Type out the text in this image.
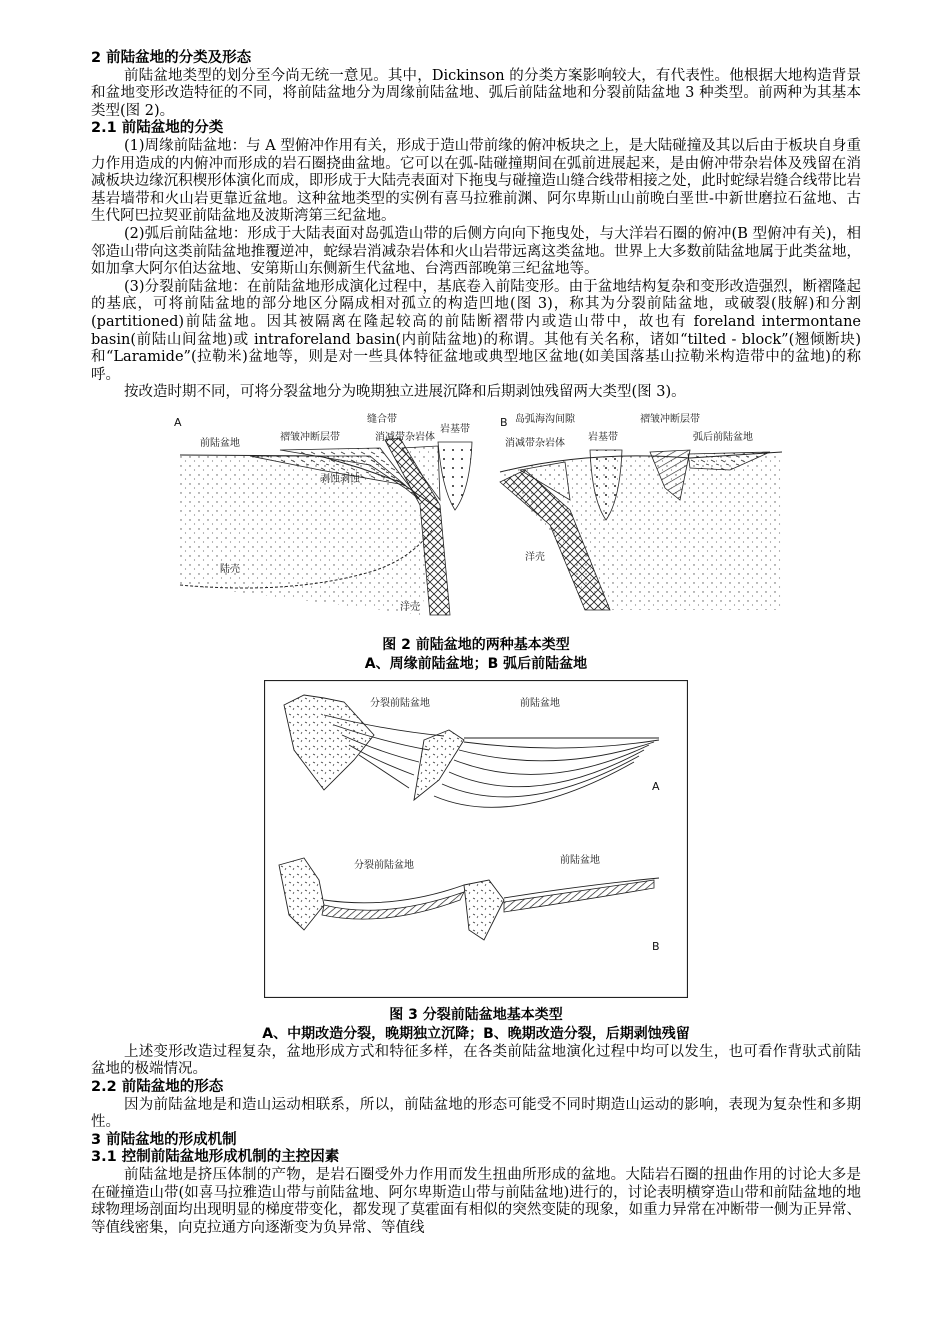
2 前陆盆地的分类及形态

前陆盆地类型的划分至今尚无统一意见。其中，Dickinson 的分类方案影响较大，有代表性。他根据大地构造背景和盆地变形改造特征的不同，将前陆盆地分为周缘前陆盆地、弧后前陆盆地和分裂前陆盆地 3 种类型。前两种为其基本类型(图 2)。

2.1 前陆盆地的分类

(1)周缘前陆盆地：与 A 型俯冲作用有关，形成于造山带前缘的俯冲板块之上，是大陆碰撞及其以后由于板块自身重力作用造成的内俯冲而形成的岩石圈挠曲盆地。它可以在弧-陆碰撞期间在弧前进展起来，是由俯冲带杂岩体及残留在消减板块边缘沉积楔形体演化而成，即形成于大陆壳表面对下拖曳与碰撞造山缝合线带相接之处，此时蛇绿岩缝合线带比岩基岩墙带和火山岩更靠近盆地。这种盆地类型的实例有喜马拉雅前渊、阿尔卑斯山山前晚白垩世-中新世磨拉石盆地、古生代阿巴拉契亚前陆盆地及波斯湾第三纪盆地。

(2)弧后前陆盆地：形成于大陆表面对岛弧造山带的后侧方向向下拖曳处，与大洋岩石圈的俯冲(B 型俯冲有关)，相邻造山带向这类前陆盆地推覆逆冲，蛇绿岩消减杂岩体和火山岩带远离这类盆地。世界上大多数前陆盆地属于此类盆地，如加拿大阿尔伯达盆地、安第斯山东侧新生代盆地、台湾西部晚第三纪盆地等。

(3)分裂前陆盆地：在前陆盆地形成演化过程中，基底卷入前陆变形。由于盆地结构复杂和变形改造强烈，断褶隆起的基底，可将前陆盆地的部分地区分隔成相对孤立的构造凹地(图 3)，称其为分裂前陆盆地，或破裂(肢解)和分割(partitioned)前陆盆地。因其被隔离在隆起较高的前陆断褶带内或造山带中，故也有 foreland intermontane basin(前陆山间盆地)或 intraforeland basin(内前陆盆地)的称谓。其他有关名称，诸如“tilted - block”(翘倾断块)和“Laramide”(拉勒米)盆地等，则是对一些具体特征盆地或典型地区盆地(如美国落基山拉勒米构造带中的盆地)的称呼。

按改造时期不同，可将分裂盆地分为晚期独立进展沉降和后期剥蚀残留两大类型(图 3)。

A
前陆盆地
缝合带
褶皱冲断层带	消减带杂岩体
岩基带
剥蚀剥蚀
陆壳
洋壳
B 岛弧海沟间隙
消减带杂岩体
岩基带
褶皱冲断层带
弧后前陆盆地
洋壳

图 2 前陆盆地的两种基本类型

A、周缘前陆盆地；B 弧后前陆盆地

分裂前陆盆地	前陆盆地
A
分裂前陆盆地	前陆盆地
B

图 3 分裂前陆盆地基本类型

A、中期改造分裂，晚期独立沉降；B、晚期改造分裂，后期剥蚀残留

上述变形改造过程复杂，盆地形成方式和特征多样，在各类前陆盆地演化过程中均可以发生，也可看作背驮式前陆盆地的极端情况。

2.2 前陆盆地的形态

因为前陆盆地是和造山运动相联系，所以，前陆盆地的形态可能受不同时期造山运动的影响，表现为复杂性和多期性。

3 前陆盆地的形成机制

3.1 控制前陆盆地形成机制的主控因素

前陆盆地是挤压体制的产物，是岩石圈受外力作用而发生扭曲所形成的盆地。大陆岩石圈的扭曲作用的讨论大多是在碰撞造山带(如喜马拉雅造山带与前陆盆地、阿尔卑斯造山带与前陆盆地)进行的，讨论表明横穿造山带和前陆盆地的地球物理场剖面均出现明显的梯度带变化，都发现了莫霍面有相似的突然变陡的现象，如重力异常在冲断带一侧为正异常、等值线密集，向克拉通方向逐渐变为负异常、等值线
